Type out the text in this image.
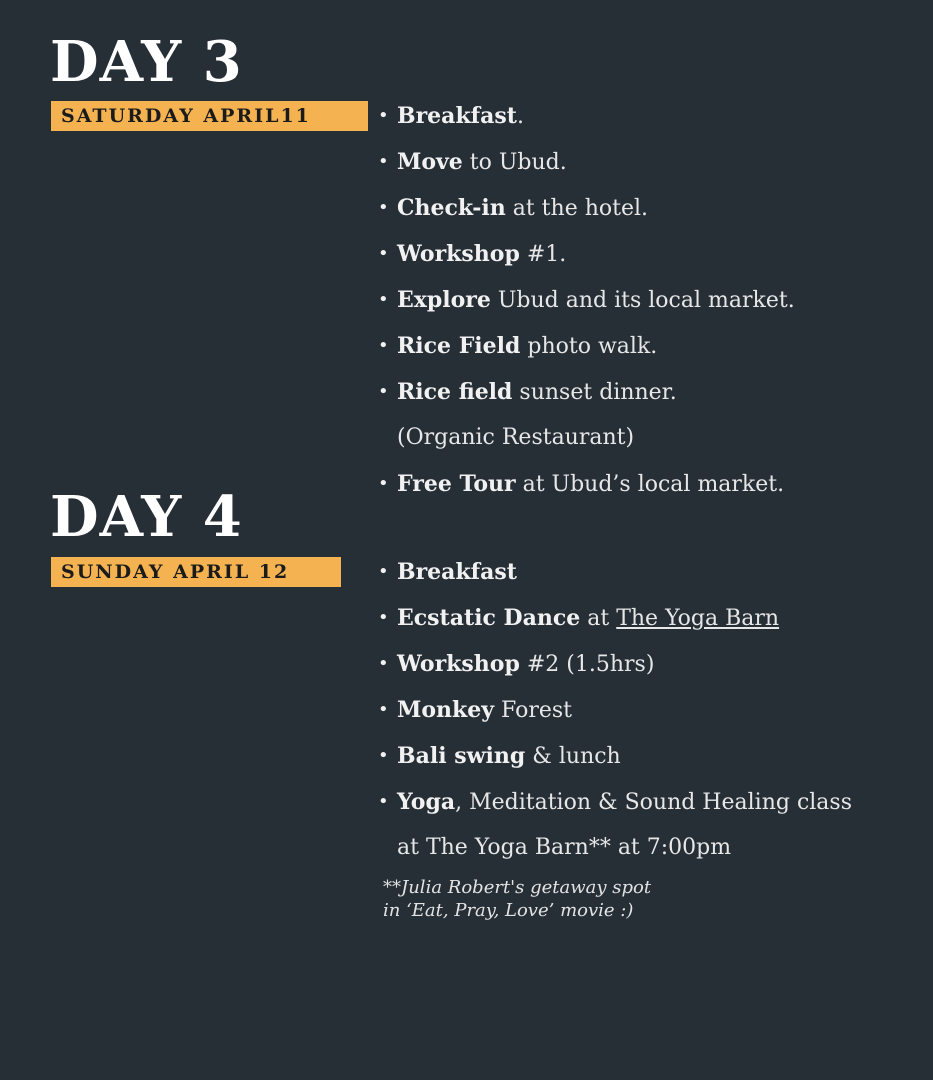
DAY 3
SATURDAY APRIL11	• Breakfast.
• Move to Ubud.
• Check-in at the hotel.
• Workshop #1.
• Explore Ubud and its local market.
• Rice Field photo walk.
• Rice field sunset dinner.
(Organic Restaurant)
• Free Tour at Ubud’s local market.
DAY 4
SUNDAY APRIL 12	• Breakfast
• Ecstatic Dance at The Yoga Barn
• Workshop #2 (1.5hrs)
• Monkey Forest
• Bali swing & lunch
• Yoga, Meditation & Sound Healing class
at The Yoga Barn** at 7:00pm

**Julia Robert's getaway spot
in ‘Eat, Pray, Love’ movie :)
